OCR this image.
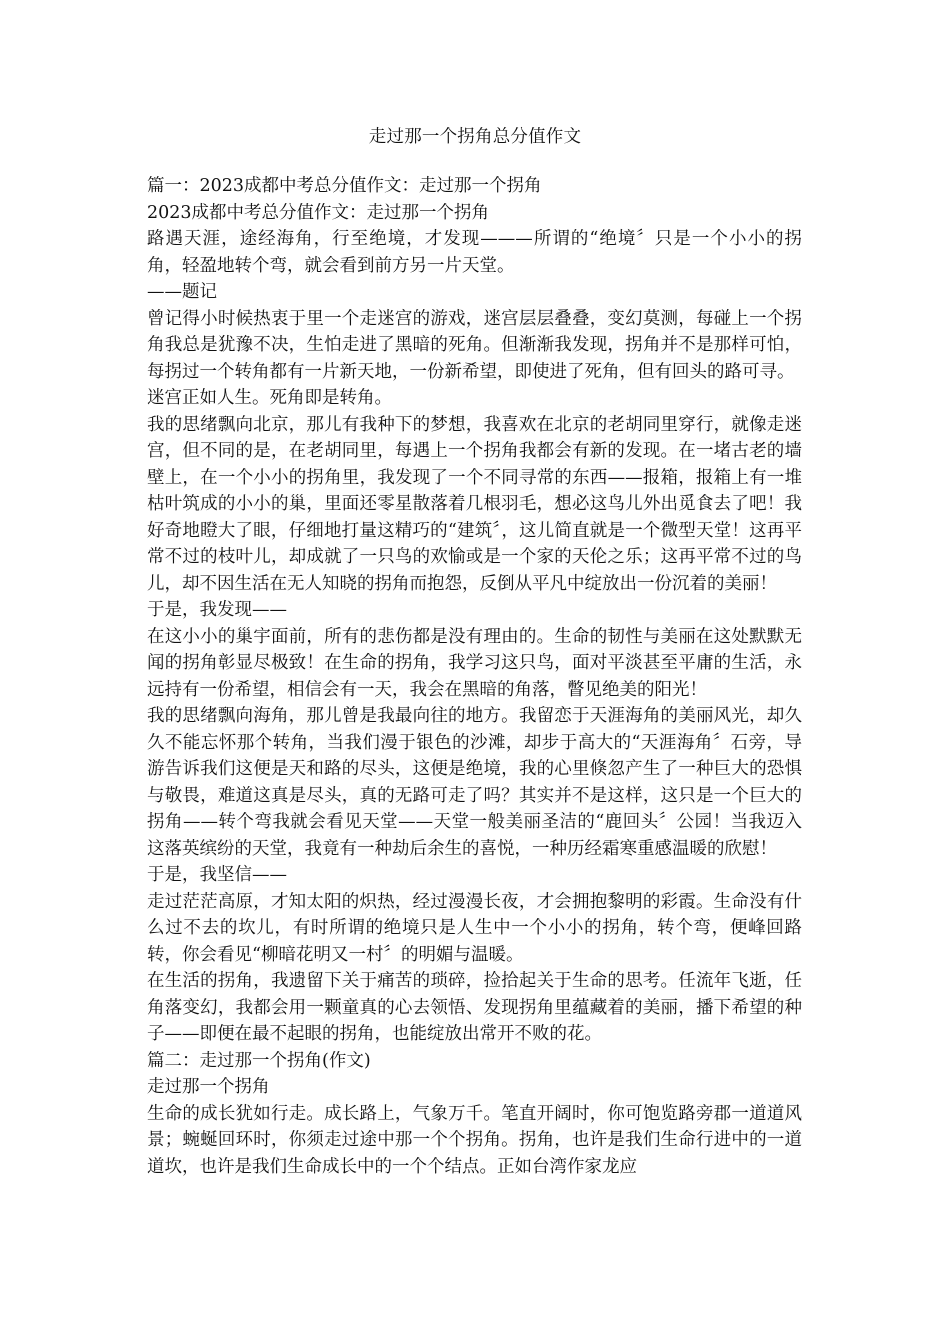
走过那一个拐角总分值作文

篇一：2023成都中考总分值作文：走过那一个拐角

2023成都中考总分值作文：走过那一个拐角

路遇天涯，途经海角，行至绝境，才发现———所谓的“绝境〞只是一个小小的拐角，轻盈地转个弯，就会看到前方另一片天堂。

——题记

曾记得小时候热衷于里一个走迷宫的游戏，迷宫层层叠叠，变幻莫测，每碰上一个拐角我总是犹豫不决，生怕走进了黑暗的死角。但渐渐我发现，拐角并不是那样可怕，每拐过一个转角都有一片新天地，一份新希望，即使进了死角，但有回头的路可寻。

迷宫正如人生。死角即是转角。

我的思绪飘向北京，那儿有我种下的梦想，我喜欢在北京的老胡同里穿行，就像走迷宫，但不同的是，在老胡同里，每遇上一个拐角我都会有新的发现。在一堵古老的墙壁上，在一个小小的拐角里，我发现了一个不同寻常的东西——报箱，报箱上有一堆枯叶筑成的小小的巢，里面还零星散落着几根羽毛，想必这鸟儿外出觅食去了吧！我好奇地瞪大了眼，仔细地打量这精巧的“建筑〞，这儿简直就是一个微型天堂！这再平常不过的枝叶儿，却成就了一只鸟的欢愉或是一个家的天伦之乐；这再平常不过的鸟儿，却不因生活在无人知晓的拐角而抱怨，反倒从平凡中绽放出一份沉着的美丽！

于是，我发现——

在这小小的巢宇面前，所有的悲伤都是没有理由的。生命的韧性与美丽在这处默默无闻的拐角彰显尽极致！在生命的拐角，我学习这只鸟，面对平淡甚至平庸的生活，永远持有一份希望，相信会有一天，我会在黑暗的角落，瞥见绝美的阳光！

我的思绪飘向海角，那儿曾是我最向往的地方。我留恋于天涯海角的美丽风光，却久久不能忘怀那个转角，当我们漫于银色的沙滩，却步于高大的“天涯海角〞石旁，导游告诉我们这便是天和路的尽头，这便是绝境，我的心里倏忽产生了一种巨大的恐惧与敬畏，难道这真是尽头，真的无路可走了吗？其实并不是这样，这只是一个巨大的拐角——转个弯我就会看见天堂——天堂一般美丽圣洁的“鹿回头〞公园！当我迈入这落英缤纷的天堂，我竟有一种劫后余生的喜悦，一种历经霜寒重感温暖的欣慰！

于是，我坚信——

走过茫茫高原，才知太阳的炽热，经过漫漫长夜，才会拥抱黎明的彩霞。生命没有什么过不去的坎儿，有时所谓的绝境只是人生中一个小小的拐角，转个弯，便峰回路转，你会看见“柳暗花明又一村〞的明媚与温暖。

在生活的拐角，我遗留下关于痛苦的琐碎，捡拾起关于生命的思考。任流年飞逝，任角落变幻，我都会用一颗童真的心去领悟、发现拐角里蕴藏着的美丽，播下希望的种子——即便在最不起眼的拐角，也能绽放出常开不败的花。

篇二：走过那一个拐角(作文)

走过那一个拐角

生命的成长犹如行走。成长路上，气象万千。笔直开阔时，你可饱览路旁郡一道道风景；蜿蜒回环时，你须走过途中那一个个拐角。拐角，也许是我们生命行进中的一道道坎，也许是我们生命成长中的一个个结点。正如台湾作家龙应
